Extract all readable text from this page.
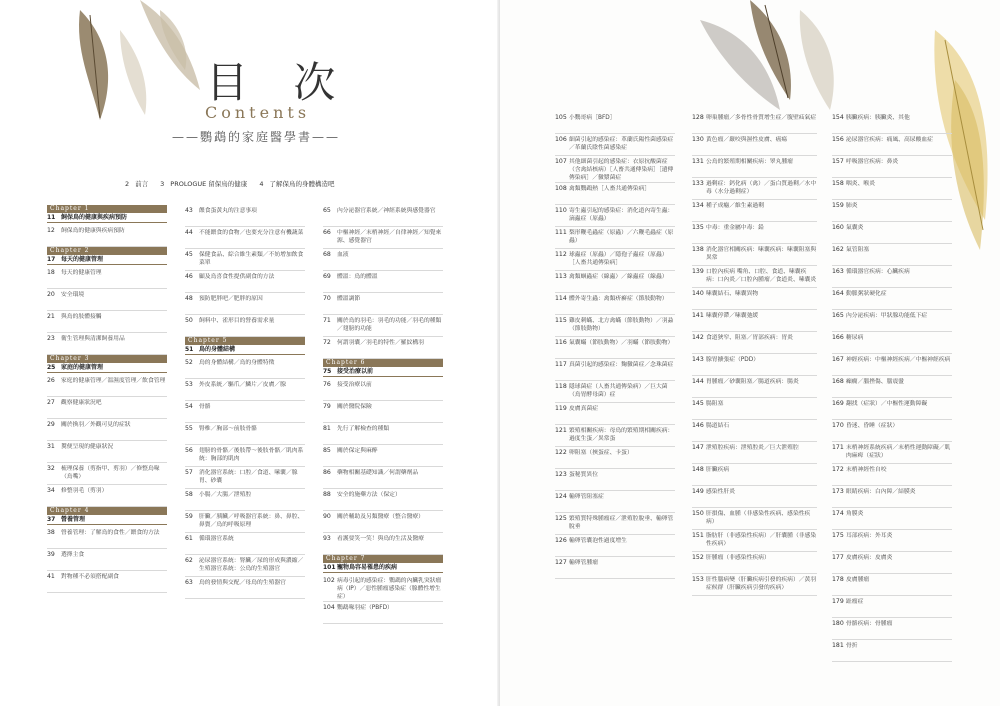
目 次
Contents
——鸚鵡的家庭醫學書——
2 前言 3 PROLOGUE 留保鳥的健康 4 了解保鳥的身體構造吧
Chapter 1
11 飼保鳥的健康與疾病預防
12	飼保鳥的健康與疾病預防
Chapter 2
17 每天的健康管理
18	每天的健康管理
20	安全環境
21	與鳥的肢體接觸
23	衛生管理與清潔飼養用品
Chapter 3
25 家庭的健康管理
26	家庭的健康管理／溫濕度管理／飲食管理
27	觀察健康狀況吧
29	關於換羽／外觀可見的症狀
31	糞便呈現的健康狀況
32	梳理保養（剪指甲、剪羽）／修整鳥喙（鳥嘴）
34	修整羽毛（剪羽）
Chapter 4
37 營養管理
38	營養管理：了解鳥的食性／餵食的方法
39	選擇主食
41	對物種不必須搭配副食
43	餵食蛋黃丸的注意事項
44	不能餵食的食物／也要充分注意有機蔬菜
45	保健食品、綜合維生素類／不妨增加飲食菜單
46	顧及鳥喜食性提供副食的方法
48	預防肥胖吧／肥胖的原因
50	飼料中、雀形目的營養需求量
Chapter 5
51 鳥的身體結構
52	鳥的身體結構／鳥的身體特徵
53	外皮系統／驅爪／鱗片／皮膚／腺
54	骨骼
55	腎椎／胸部～前肢骨骼
56	翅膀的骨骼／後肢帶～後肢骨骼／肌肉系統：胸部的肌肉
57	消化器官系統：口腔／食道、嗉囊／腺胃、砂囊
58	小腸／大腸／泄殖腔
59	肝臟／胰臟／呼吸器官系統：鼻、鼻腔、鼻竇／鳥的呼吸原理
61	循環器官系統
62	泌尿器官系統：腎臟／尿的形成與濃縮／生殖器官系統：公鳥的生殖器官
63	鳥的發情與交配／母鳥的生殖器官
65	內分泌器官系統／神經系統與感覺器官
66	中樞神經／末梢神經／自律神經／知覺來源、感覺器官
68	血液
69	體溫：鳥的體溫
70	體溫調節
71	關於鳥的羽毛：羽毛的功能／羽毛的種類／翅膀的功能
72	何謂羽囊／羽毛的特性／羅紋構羽
Chapter 6
75 接受治療以前
76	接受治療以前
79	關於醫院保險
81	先行了解檢查的種類
85	關於保定與麻醉
86	藥物相關基礎知識／何謂藥劑品
88	安全的施藥方法（保定）
90	關於輔助及另類醫療（整合醫療）
93	看護要笑一笑！與鳥的生活及醫療
Chapter 7
101 寵物鳥容易罹患的疾病
102 病毒引起的感染症：鸚鵡的內臟乳突狀瘤病（IP）／惡性腫瘤感染症（腺體性增生症）
104 鸚鵡喙羽症（PBFD）
105 小鸚哥病［BFD］
106 細菌引起的感染症：革蘭氏陽性菌感染症／革蘭氏陰性菌感染症
107 其他細菌引起的感染症：衣原抗酸菌症（含禽結核病）［人畜共通傳染病］［遺傳傳染病］／黴漿菌症
108 禽類鸚鵡熱［人畜共通傳染病］
110 寄生蟲引起的感染症：消化道內寄生蟲：滴蟲症（原蟲）
111 梨形鞭毛蟲症（原蟲）／六鞭毛蟲症（原蟲）
112 球蟲症（原蟲）／隱孢子蟲症（原蟲）［人畜共通傳染病］
113 禽類蛔蟲症（線蟲）／線蟲症（線蟲）
114 體外寄生蟲：禽類疥癬症（節肢動物）
115 雞皮刺蟎、北方禽蟎（節肢動物）／羽蝨（節肢動物）
116 氣囊蟎（節肢動物）／羽蟎（節肢動物）
117 真菌引起的感染症：麴黴菌症／念珠菌症
118 隱球菌症（人畜共通傳染病）／巨大菌（鳥胃酵母菌）症
119 皮膚真菌症
121 繁殖相關疾病：母鳥的繁殖期相關疾病：過度生蛋／異常蛋
122 卵阻塞（挾蛋症、卡蛋）
123 蛋秘質異位
124 輸卵管阻塞症
125 繁殖質特殊腫瘤症／泄殖腔脫垂、輸卵管脫垂
126 輸卵管囊泡性過度增生
127 輸卵管腫瘤
128 卵巢腫瘤／多骨性骨質增生症／腹壁疝氣症
130 黃色瘤／嚴咬與濕性皮膚、癌瘍
131 公鳥的繁殖期相關疾病：睪丸腫瘤
133 過剩症：鈣化病（禽）／蛋白質過剩／水中毒（水分過剩症）
134 種子成癮／維生素過剩
135 中毒：重金屬中毒：鉛
138 消化器官相關疾病：嗉囊疾病：嗉囊阻塞與異常
139 口腔內疾病 嘴角、口腔、食道、嗉囊疾病：口內炎／口腔內腫瘤／食道炎、嗉囊炎
140 嗉囊結石、嗉囊異物
141 嗉囊停滯／嗉囊弛緩
142 食道狹窄、阻塞／胃部疾病：胃炎
143 腺胃擴張症（PDD）
144 胃腫瘤／砂囊阻塞／腸道疾病：腸炎
145 腸阻塞
146 腸道結石
147 泄殖腔疾病：泄殖腔炎／巨大泄殖腔
148 肝臟疾病
149 感染性肝炎
150 肝損傷、血腫（非感染性疾病、感染性疾病）
151 脂肪肝（非感染性疾病）／肝囊腫（非感染性疾病）
152 肝腫瘤（非感染性疾病）
153 肝性腦病變（肝臟疾病引發的疾病）／黃羽症候群（肝臟疾病引發的疾病）
154 胰臟疾病：胰臟炎、其他
156 泌尿器官疾病：痛風、高尿酸血症
157 呼吸器官疾病：鼻炎
158 咽炎、喉炎
159 肺炎
160 氣囊炎
162 氣管阻塞
163 循環器官疾病：心臟疾病
164 動脈粥狀硬化症
165 內分泌疾病：甲狀腺功能低下症
166 糖尿病
167 神經疾病：中樞神經疾病／中樞神經疾病
168 癲癇／腦挫傷、腦震盪
169 翻找（症狀）／中樞性運動障礙
170 昏迷、昏睡（症狀）
171 末梢神經系統疾病／末梢性運動障礙／肌肉麻痺（症狀）
172 末梢神經性自咬
173 眼睛疾病：白內障／結膜炎
174 角膜炎
175 耳部疾病：外耳炎
177 皮膚疾病：皮膚炎
178 皮膚腫瘤
179 趾瘤症
180 骨骼疾病：骨腫瘤
181 骨折
